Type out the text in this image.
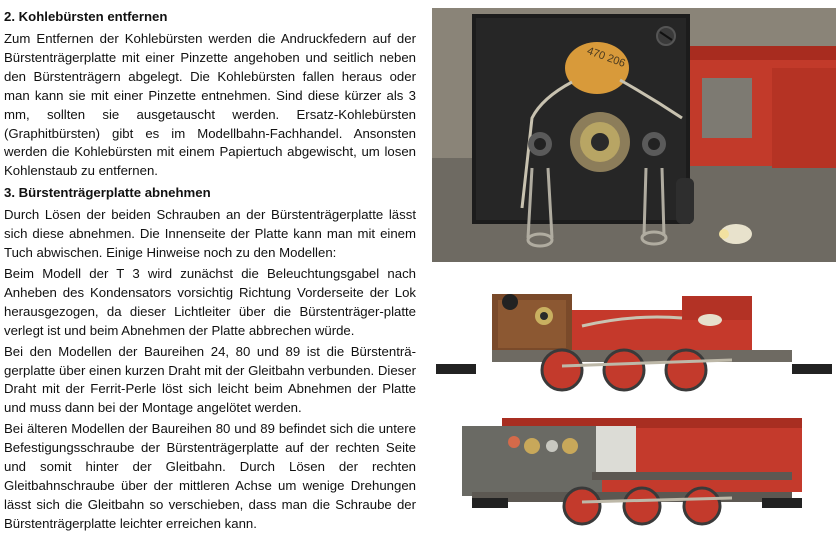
2. Kohlebürsten entfernen

Zum Entfernen der Kohlebürsten werden die Andruckfedern auf der Bürstenträgerplatte mit einer Pinzette angehoben und seitlich neben den Bürstenträgern abgelegt. Die Kohlebürsten fallen heraus oder man kann sie mit einer Pinzette entnehmen. Sind diese kürzer als 3 mm, sollten sie ausgetauscht werden. Ersatz-Kohlebürsten (Graphitbürsten) gibt es im Modellbahn-Fachhandel. Ansonsten werden die Kohlebürsten mit einem Papiertuch abgewischt, um losen Kohlenstaub zu entfernen.

3. Bürstenträgerplatte abnehmen

Durch Lösen der beiden Schrauben an der Bürstenträgerplatte lässt sich diese abnehmen. Die Innenseite der Platte kann man mit einem Tuch abwischen. Einige Hinweise noch zu den Modellen:

Beim Modell der T 3 wird zunächst die Beleuchtungsgabel nach Anheben des Kondensators vorsichtig Richtung Vorderseite der Lok herausgezogen, da dieser Lichtleiter über die Bürstenträger-platte verlegt ist und beim Abnehmen der Platte abbrechen würde.

Bei den Modellen der Baureihen 24, 80 und 89 ist die Bürstenträ-gerplatte über einen kurzen Draht mit der Gleitbahn verbunden. Dieser Draht mit der Ferrit-Perle löst sich leicht beim Abnehmen der Platte und muss dann bei der Montage angelötet werden.

Bei älteren Modellen der Baureihen 80 und 89 befindet sich die untere Befestigungsschraube der Bürstenträgerplatte auf der rechten Seite und somit hinter der Gleitbahn. Durch Lösen der rechten Gleitbahnschraube über der mittleren Achse um wenige Drehungen lässt sich die Gleitbahn so verschieben, dass man die Schraube der Bürstenträgerplatte leichter erreichen kann.

470 206
